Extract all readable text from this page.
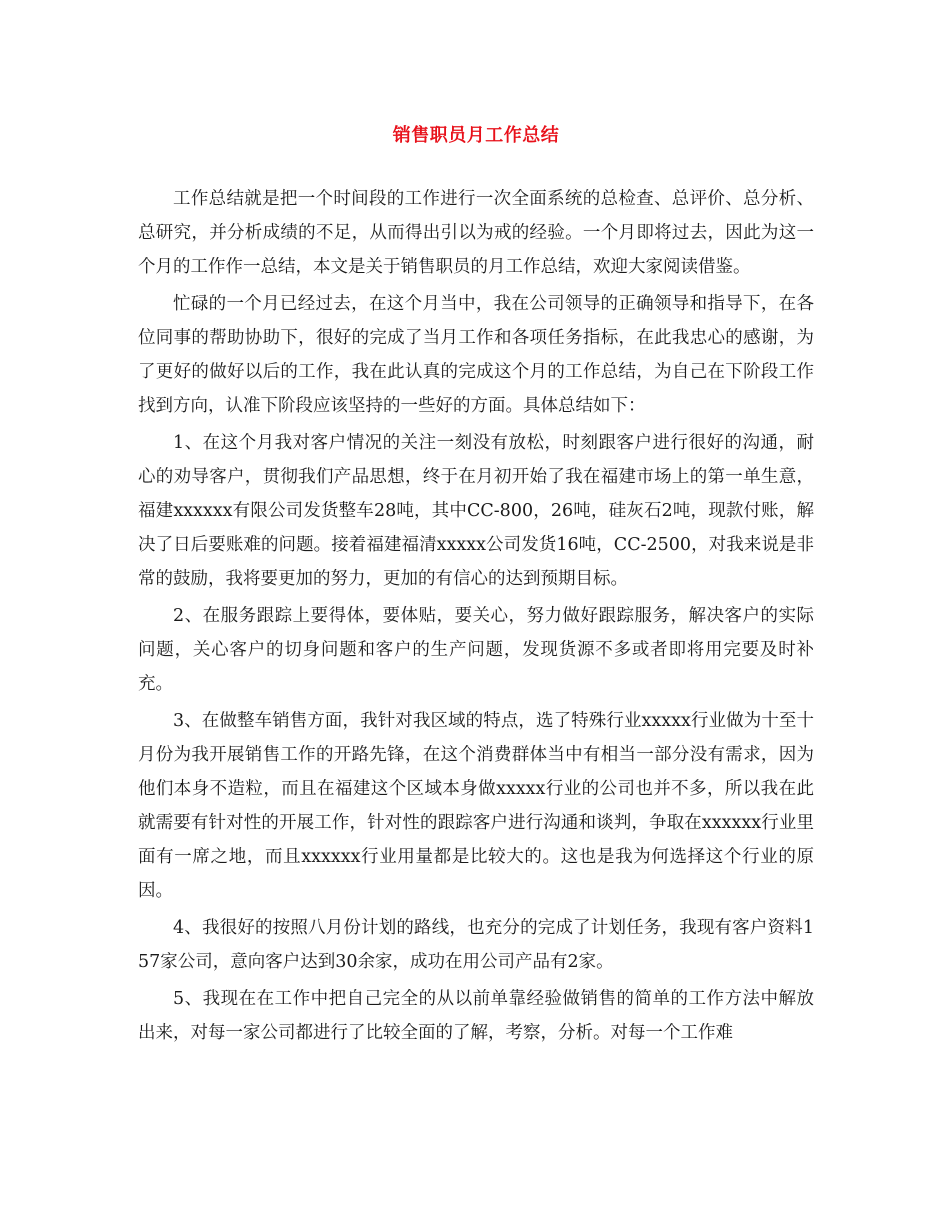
销售职员月工作总结

工作总结就是把一个时间段的工作进行一次全面系统的总检查、总评价、总分析、总研究，并分析成绩的不足，从而得出引以为戒的经验。一个月即将过去，因此为这一个月的工作作一总结，本文是关于销售职员的月工作总结，欢迎大家阅读借鉴。

忙碌的一个月已经过去，在这个月当中，我在公司领导的正确领导和指导下，在各位同事的帮助协助下，很好的完成了当月工作和各项任务指标，在此我忠心的感谢，为了更好的做好以后的工作，我在此认真的完成这个月的工作总结，为自己在下阶段工作找到方向，认准下阶段应该坚持的一些好的方面。具体总结如下：

1、在这个月我对客户情况的关注一刻没有放松，时刻跟客户进行很好的沟通，耐心的劝导客户，贯彻我们产品思想，终于在月初开始了我在福建市场上的第一单生意，福建xxxxxx有限公司发货整车28吨，其中CC-800，26吨，硅灰石2吨，现款付账，解决了日后要账难的问题。接着福建福清xxxxx公司发货16吨，CC-2500，对我来说是非常的鼓励，我将要更加的努力，更加的有信心的达到预期目标。

2、在服务跟踪上要得体，要体贴，要关心，努力做好跟踪服务，解决客户的实际问题，关心客户的切身问题和客户的生产问题，发现货源不多或者即将用完要及时补充。

3、在做整车销售方面，我针对我区域的特点，选了特殊行业xxxxx行业做为十至十月份为我开展销售工作的开路先锋，在这个消费群体当中有相当一部分没有需求，因为他们本身不造粒，而且在福建这个区域本身做xxxxx行业的公司也并不多，所以我在此就需要有针对性的开展工作，针对性的跟踪客户进行沟通和谈判，争取在xxxxxx行业里面有一席之地，而且xxxxxx行业用量都是比较大的。这也是我为何选择这个行业的原因。

4、我很好的按照八月份计划的路线，也充分的完成了计划任务，我现有客户资料157家公司，意向客户达到30余家，成功在用公司产品有2家。

5、我现在在工作中把自己完全的从以前单靠经验做销售的简单的工作方法中解放出来，对每一家公司都进行了比较全面的了解，考察，分析。对每一个工作难
